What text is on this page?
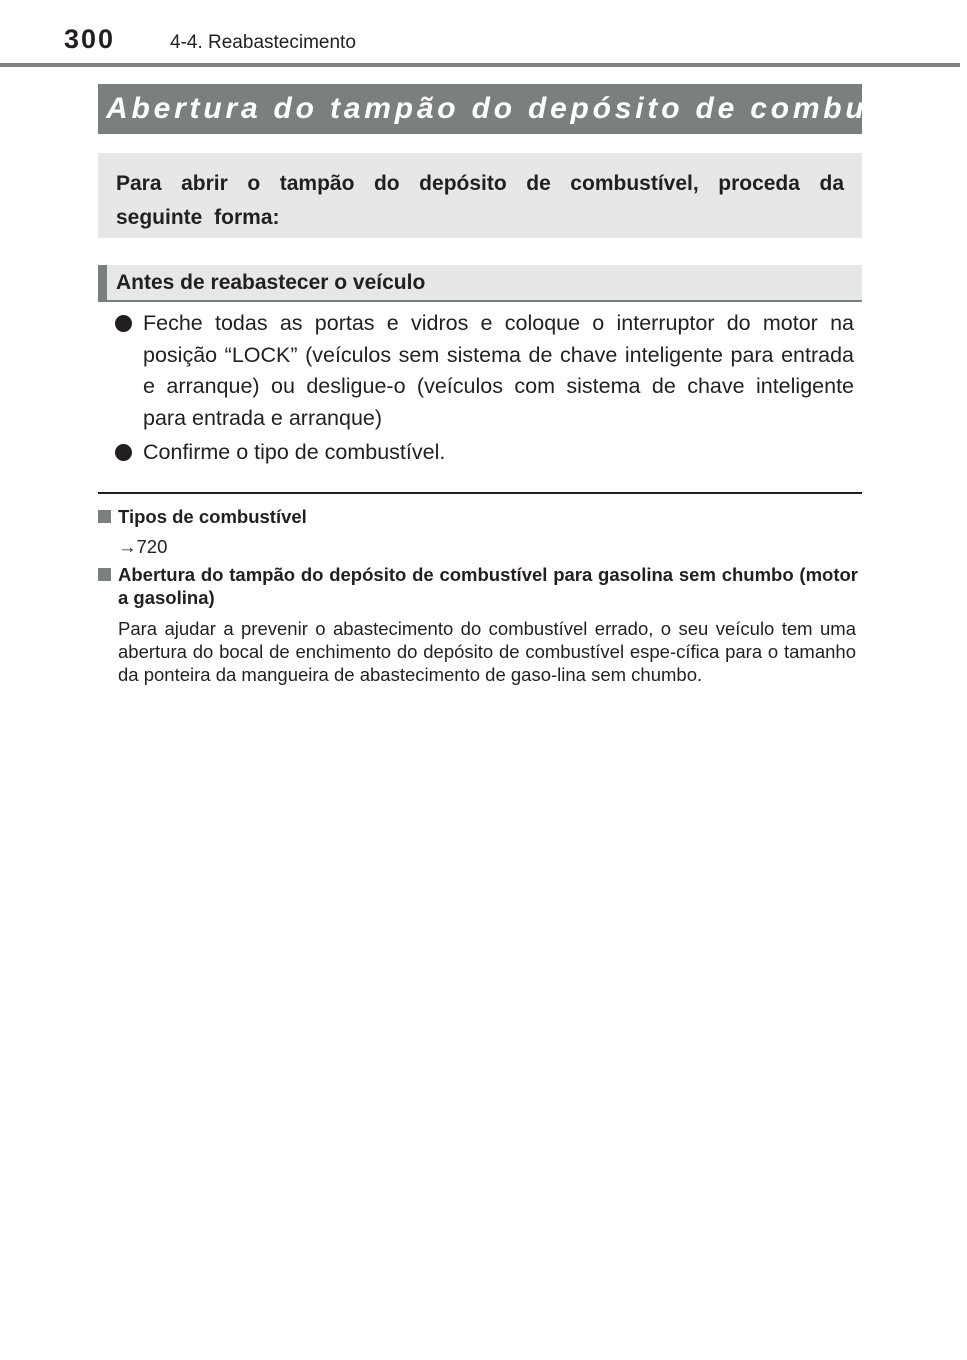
300	4-4. Reabastecimento
Abertura do tampão do depósito de combustível
Para abrir o tampão do depósito de combustível, proceda da seguinte forma:
Antes de reabastecer o veículo
Feche todas as portas e vidros e coloque o interruptor do motor na posição “LOCK” (veículos sem sistema de chave inteligente para entrada e arranque) ou desligue-o (veículos com sistema de chave inteligente para entrada e arranque)
Confirme o tipo de combustível.
Tipos de combustível
→720
Abertura do tampão do depósito de combustível para gasolina sem chumbo (motor a gasolina)
Para ajudar a prevenir o abastecimento do combustível errado, o seu veículo tem uma abertura do bocal de enchimento do depósito de combustível espe-cífica para o tamanho da ponteira da mangueira de abastecimento de gaso-lina sem chumbo.
